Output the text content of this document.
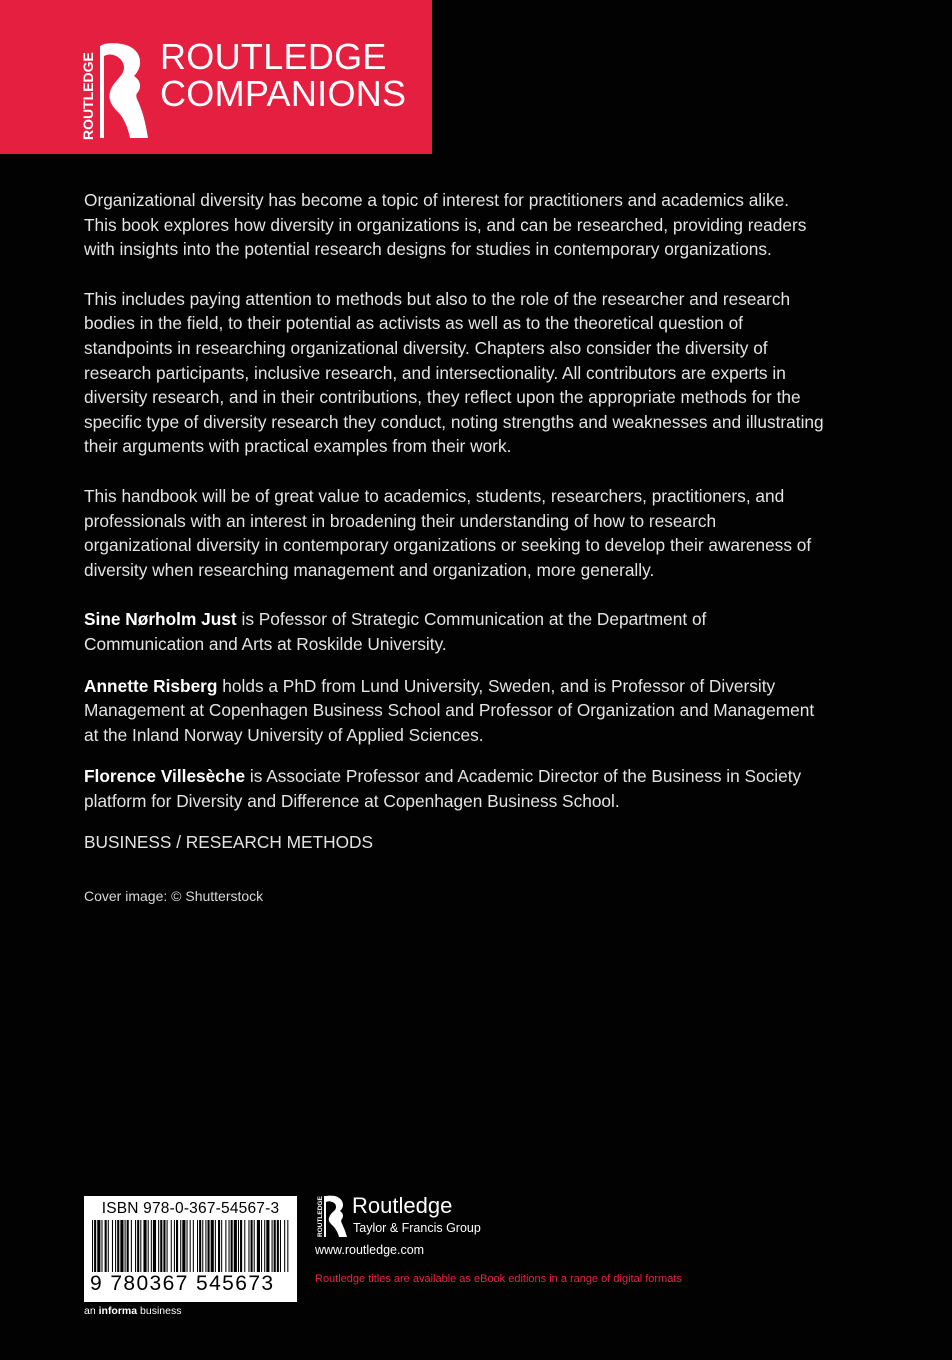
ROUTLEDGE ROUTLEDGE
COMPANIONS

Organizational diversity has become a topic of interest for practitioners and academics alike. This book explores how diversity in organizations is, and can be researched, providing readers with insights into the potential research designs for studies in contemporary organizations.

This includes paying attention to methods but also to the role of the researcher and research bodies in the field, to their potential as activists as well as to the theoretical question of standpoints in researching organizational diversity. Chapters also consider the diversity of research participants, inclusive research, and intersectionality. All contributors are experts in diversity research, and in their contributions, they reflect upon the appropriate methods for the specific type of diversity research they conduct, noting strengths and weaknesses and illustrating their arguments with practical examples from their work.

This handbook will be of great value to academics, students, researchers, practitioners, and professionals with an interest in broadening their understanding of how to research organizational diversity in contemporary organizations or seeking to develop their awareness of diversity when researching management and organization, more generally.

Sine Nørholm Just is Pofessor of Strategic Communication at the Department of Communication and Arts at Roskilde University.

Annette Risberg holds a PhD from Lund University, Sweden, and is Professor of Diversity Management at Copenhagen Business School and Professor of Organization and Management at the Inland Norway University of Applied Sciences.

Florence Villesèche is Associate Professor and Academic Director of the Business in Society platform for Diversity and Difference at Copenhagen Business School.

BUSINESS / RESEARCH METHODS

Cover image: © Shutterstock
ISBN 978-0-367-54567-3
9 780367 545673
an informa business
ROUTLEDGE Routledge
Taylor & Francis Group
www.routledge.com
Routledge titles are available as eBook editions in a range of digital formats
